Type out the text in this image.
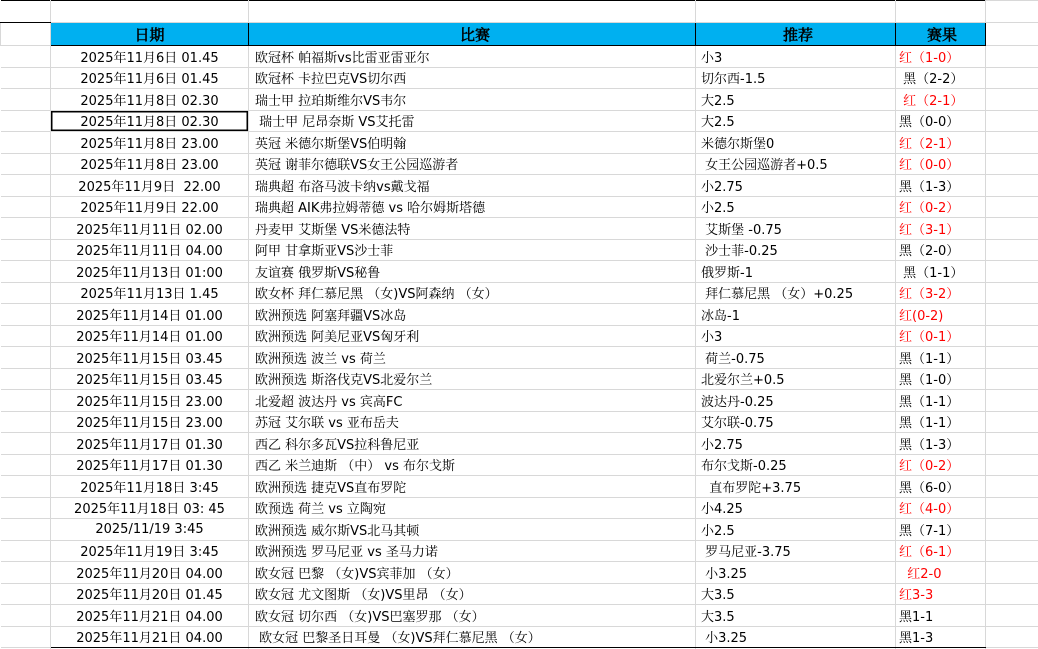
	日期	比赛	推荐	赛果	
	2025年11月6日 01.45	欧冠杯 帕福斯vs比雷亚雷亚尔	小3	红（1-0）	
	2025年11月6日 01.45	欧冠杯 卡拉巴克VS切尔西	切尔西-1.5	黑（2-2）	
	2025年11月8日 02.30	瑞士甲 拉珀斯维尔VS韦尔	大2.5	红（2-1）	
	2025年11月8日 02.30	瑞士甲 尼昂奈斯 VS艾托雷	大2.5	黑（0-0）	
	2025年11月8日 23.00	英冠 米德尔斯堡VS伯明翰	米德尔斯堡0	红（2-1）	
	2025年11月8日 23.00	英冠 谢菲尔德联VS女王公园巡游者	女王公园巡游者+0.5	红（0-0）	
	2025年11月9日  22.00	瑞典超 布洛马波卡纳vs戴戈福	小2.75	黑（1-3）	
	2025年11月9日 22.00	瑞典超 AIK弗拉姆蒂德 vs 哈尔姆斯塔德	小2.5	红（0-2）	
	2025年11月11日 02.00	丹麦甲 艾斯堡 VS米德法特	艾斯堡 -0.75	红（3-1）	
	2025年11月11日 04.00	阿甲 甘拿斯亚VS沙士菲	沙士菲-0.25	黑（2-0）	
	2025年11月13日 01:00	友谊赛 俄罗斯VS秘鲁	俄罗斯-1	黑（1-1）	
	2025年11月13日 1.45	欧女杯 拜仁慕尼黑 （女)VS阿森纳 （女）	拜仁慕尼黑 （女）+0.25	红（3-2）	
	2025年11月14日 01.00	欧洲预选 阿塞拜疆VS冰岛	冰岛-1	红(0-2)	
	2025年11月14日 01.00	欧洲预选 阿美尼亚VS匈牙利	小3	红（0-1）	
	2025年11月15日 03.45	欧洲预选 波兰 vs 荷兰	荷兰-0.75	黑（1-1）	
	2025年11月15日 03.45	欧洲预选 斯洛伐克VS北爱尔兰	北爱尔兰+0.5	黑（1-0）	
	2025年11月15日 23.00	北爱超 波达丹 vs 宾高FC	波达丹-0.25	黑（1-1）	
	2025年11月15日 23.00	苏冠 艾尔联 vs 亚布岳夫	艾尔联-0.75	黑（1-1）	
	2025年11月17日 01.30	西乙 科尔多瓦VS拉科鲁尼亚	小2.75	黑（1-3）	
	2025年11月17日 01.30	西乙 米兰迪斯 （中） vs 布尔戈斯	布尔戈斯-0.25	红（0-2）	
	2025年11月18日 3:45	欧洲预选 捷克VS直布罗陀	直布罗陀+3.75	黑（6-0）	
	2025年11月18日 03: 45	欧预选 荷兰 vs 立陶宛	小4.25	红（4-0）	
	2025/11/19 3:45	欧洲预选 威尔斯VS北马其顿	小2.5	黑（7-1）	
	2025年11月19日 3:45	欧洲预选 罗马尼亚 vs 圣马力诺	罗马尼亚-3.75	红（6-1）	
	2025年11月20日 04.00	欧女冠 巴黎 （女)VS宾菲加 （女）	小3.25	红2-0	
	2025年11月20日 01.45	欧女冠 尤文图斯 （女)VS里昂 （女）	大3.5	红3-3	
	2025年11月21日 04.00	欧女冠 切尔西 （女)VS巴塞罗那 （女）	大3.5	黑1-1	
	2025年11月21日 04.00	欧女冠 巴黎圣日耳曼 （女)VS拜仁慕尼黑 （女）	小3.25	黑1-3	
